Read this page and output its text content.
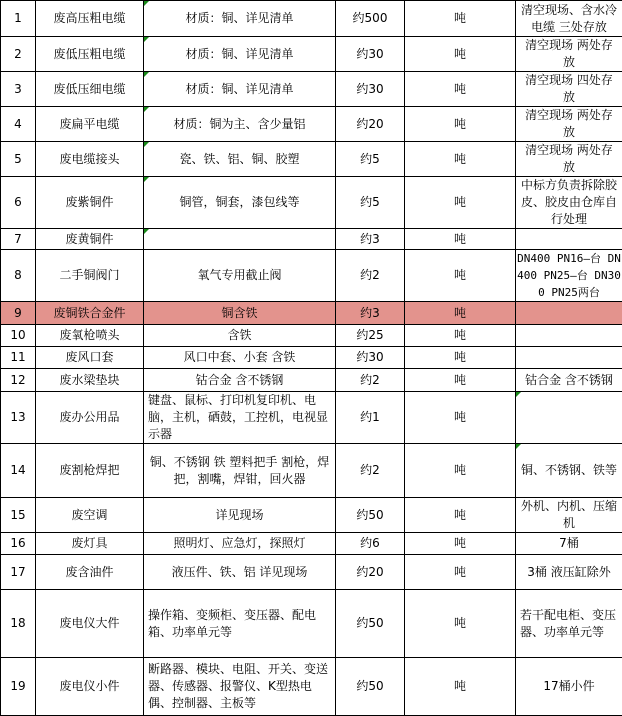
1	废高压粗电缆	材质：铜、详见清单	约500	吨	清空现场、含水冷电缆 三处存放
2	废低压粗电缆	材质：铜、详见清单	约30	吨	清空现场 两处存放
3	废低压细电缆	材质：铜、详见清单	约30	吨	清空现场 四处存放
4	废扁平电缆	材质：铜为主、含少量铝	约20	吨	清空现场 两处存放
5	废电缆接头	瓷、铁、铝、铜、胶塑	约5	吨	清空现场 两处存放
6	废紫铜件	铜管，铜套，漆包线等	约5	吨	中标方负责拆除胶皮、胶皮由仓库自行处理
7	废黄铜件		约3	吨	
8	二手铜阀门	氧气专用截止阀	约2	吨	DN400 PN16—台 DN400 PN25—台 DN300 PN25两台
9	废铜铁合金件	铜含铁	约3	吨	
10	废氧枪喷头	含铁	约25	吨	
11	废风口套	风口中套、小套 含铁	约30	吨	
12	废水梁垫块	钴合金 含不锈钢	约2	吨	钴合金 含不锈钢
13	废办公用品	键盘、鼠标、打印机复印机、电脑，主机，硒鼓，工控机，电视显示器	约1	吨	
14	废割枪焊把	铜、不锈钢 铁 塑料把手 割枪，焊把，割嘴，焊钳，回火器	约2	吨	铜、不锈钢、铁等
15	废空调	详见现场	约50	吨	外机、内机、压缩机
16	废灯具	照明灯、应急灯，探照灯	约6	吨	7桶
17	废含油件	液压件、铁、铝 详见现场	约20	吨	3桶 液压缸除外
18	废电仪大件	操作箱、变频柜、变压器、配电箱、功率单元等	约50	吨	若干配电柜、变压器、功率单元等
19	废电仪小件	断路器、模块、电阻、开关、变送器、传感器、报警仪、K型热电偶、控制器、主板等	约50	吨	17桶小件
